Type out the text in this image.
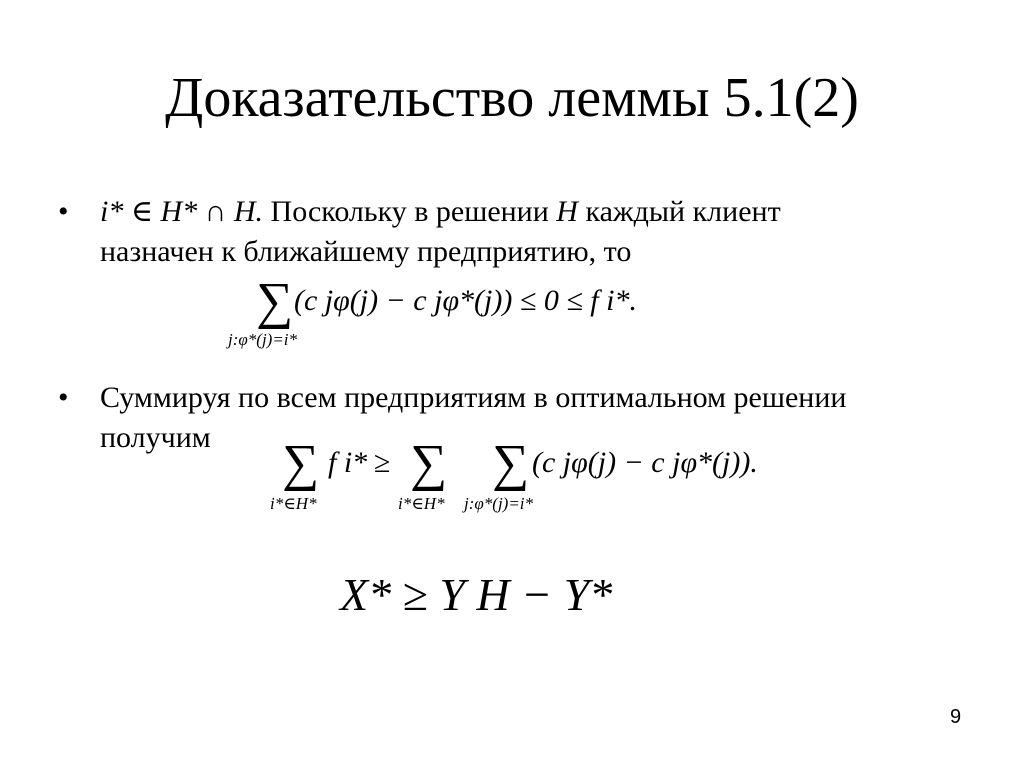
Доказательство леммы 5.1(2)
• i* ∈ H* ∩ H. Поскольку в решении H каждый клиент
назначен к ближайшему предприятию, то
∑
j:φ*(j)=i*
(c jφ(j) − c jφ*(j)) ≤ 0 ≤ f i*.
• Суммируя по всем предприятиям в оптимальном решении
получим	∑
i*∈H*
f i* ≥ ∑
i*∈H*
∑
j:φ*(j)=i*
(c jφ(j) − c jφ*(j)).
X* ≥ Y H − Y*
9
